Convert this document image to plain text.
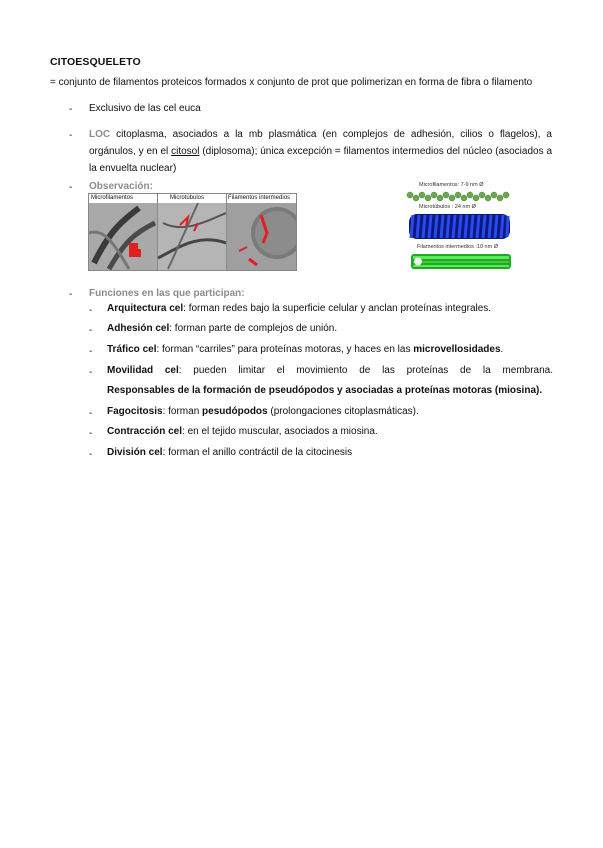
CITOESQUELETO
= conjunto de filamentos proteicos formados x conjunto de prot que polimerizan en forma de fibra o filamento
- Exclusivo de las cel euca
- LOC citoplasma, asociados a la mb plasmática (en complejos de adhesión, cilios o flagelos), a orgánulos, y en el citosol (diplosoma); única excepción = filamentos intermedios del núcleo (asociados a la envuelta nuclear)
- Observación:
Microfilamentos	Microtúbulos	Filamentos intermedios
Microfilamentos: 7-9 nm Ø
Microtúbulos : 24 nm Ø
Filamentos intermedios :10 nm Ø
- Funciones en las que participan:
- Arquitectura cel: forman redes bajo la superficie celular y anclan proteínas integrales.
- Adhesión cel: forman parte de complejos de unión.
- Tráfico cel: forman “carriles” para proteínas motoras, y haces en las microvellosidades.
- Movilidad cel: pueden limitar el movimiento de las proteínas de la membrana.
Responsables de la formación de pseudópodos y asociadas a proteínas motoras (miosina).
- Fagocitosis: forman pesudópodos (prolongaciones citoplasmáticas).
- Contracción cel: en el tejido muscular, asociados a miosina.
- División cel: forman el anillo contráctil de la citocinesis
